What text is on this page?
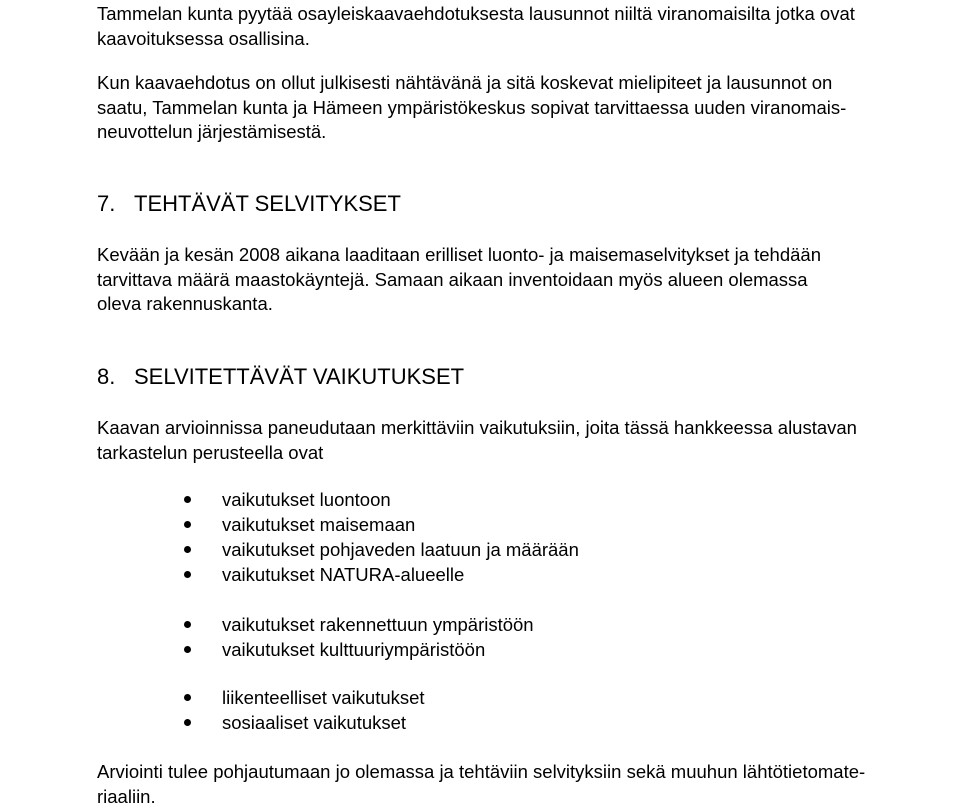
Tammelan kunta pyytää osayleiskaavaehdotuksesta lausunnot niiltä viranomaisilta jotka ovat
kaavoituksessa osallisina.

Kun kaavaehdotus on ollut julkisesti nähtävänä ja sitä koskevat mielipiteet ja lausunnot on
saatu, Tammelan kunta ja Hämeen ympäristökeskus sopivat tarvittaessa uuden viranomais-
neuvottelun järjestämisestä.

7. TEHTÄVÄT SELVITYKSET

Kevään ja kesän 2008 aikana laaditaan erilliset luonto- ja maisemaselvitykset ja tehdään
tarvittava määrä maastokäyntejä. Samaan aikaan inventoidaan myös alueen olemassa
oleva rakennuskanta.

8. SELVITETTÄVÄT VAIKUTUKSET

Kaavan arvioinnissa paneudutaan merkittäviin vaikutuksiin, joita tässä hankkeessa alustavan
tarkastelun perusteella ovat

vaikutukset luontoon
vaikutukset maisemaan
vaikutukset pohjaveden laatuun ja määrään
vaikutukset NATURA-alueelle
vaikutukset rakennettuun ympäristöön
vaikutukset kulttuuriympäristöön
liikenteelliset vaikutukset
sosiaaliset vaikutukset

Arviointi tulee pohjautumaan jo olemassa ja tehtäviin selvityksiin sekä muuhun lähtötietomate-
riaaliin.
